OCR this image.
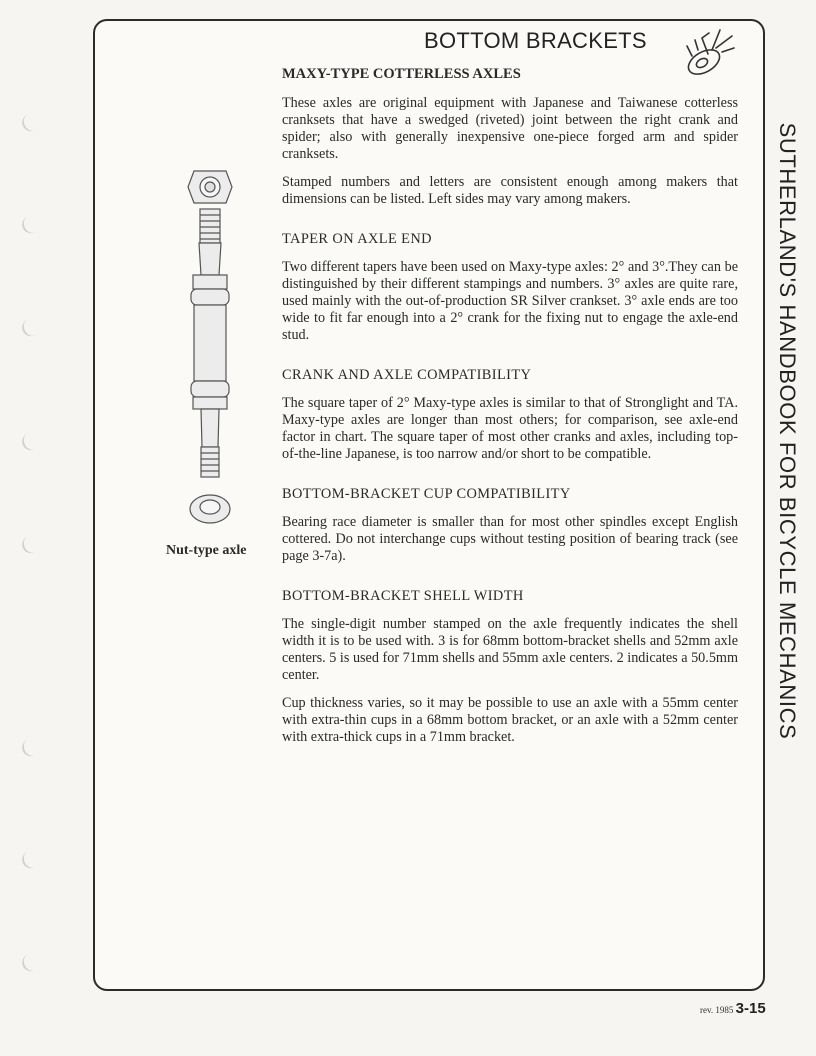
BOTTOM BRACKETS
SUTHERLAND'S HANDBOOK FOR BICYCLE MECHANICS
Nut-type axle
MAXY-TYPE COTTERLESS AXLES

These axles are original equipment with Japanese and Taiwanese cotterless cranksets that have a swedged (riveted) joint between the right crank and spider; also with generally inexpensive one-piece forged arm and spider cranksets.

Stamped numbers and letters are consistent enough among makers that dimensions can be listed. Left sides may vary among makers.

TAPER ON AXLE END

Two different tapers have been used on Maxy-type axles: 2° and 3°.They can be distinguished by their different stampings and numbers. 3° axles are quite rare, used mainly with the out-of-production SR Silver crankset. 3° axle ends are too wide to fit far enough into a 2° crank for the fixing nut to engage the axle-end stud.

CRANK AND AXLE COMPATIBILITY

The square taper of 2° Maxy-type axles is similar to that of Stronglight and TA. Maxy-type axles are longer than most others; for comparison, see axle-end factor in chart. The square taper of most other cranks and axles, including top-of-the-line Japanese, is too narrow and/or short to be compatible.

BOTTOM-BRACKET CUP COMPATIBILITY

Bearing race diameter is smaller than for most other spindles except English cottered. Do not interchange cups without testing position of bearing track (see page 3-7a).

BOTTOM-BRACKET SHELL WIDTH

The single-digit number stamped on the axle frequently indicates the shell width it is to be used with. 3 is for 68mm bottom-bracket shells and 52mm axle centers. 5 is used for 71mm shells and 55mm axle centers. 2 indicates a 50.5mm center.

Cup thickness varies, so it may be possible to use an axle with a 55mm center with extra-thin cups in a 68mm bottom bracket, or an axle with a 52mm center with extra-thick cups in a 71mm bracket.

rev. 1985 3-15
